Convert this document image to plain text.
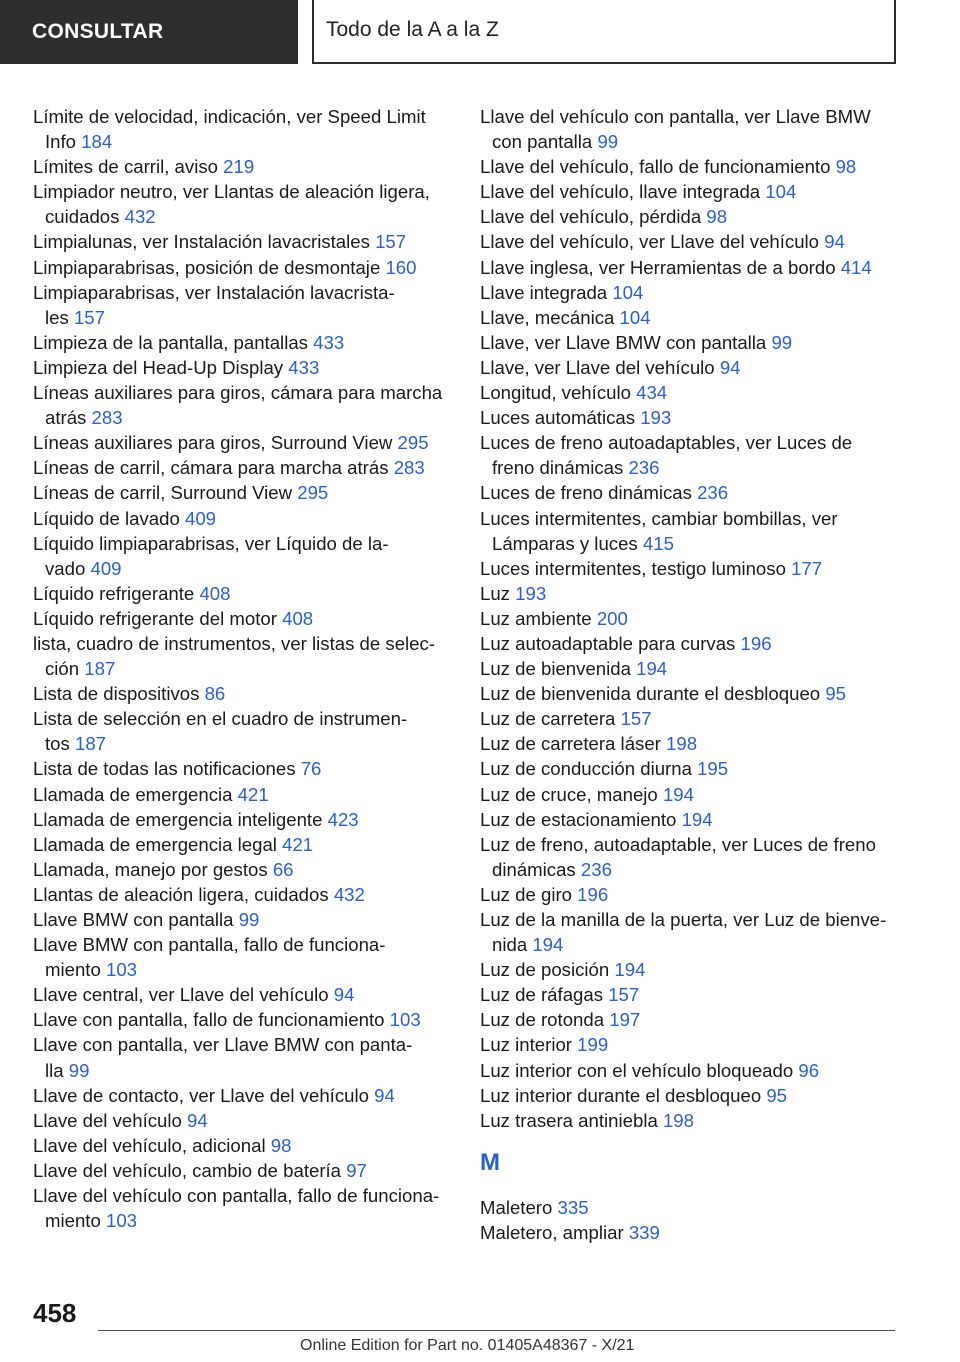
CONSULTAR	Todo de la A a la Z

Límite de velocidad, indicación, ver Speed Limit
Info 184

Límites de carril, aviso 219

Limpiador neutro, ver Llantas de aleación ligera,
cuidados 432

Limpialunas, ver Instalación lavacristales 157

Limpiaparabrisas, posición de desmontaje 160

Limpiaparabrisas, ver Instalación lavacrista-
les 157

Limpieza de la pantalla, pantallas 433

Limpieza del Head-Up Display 433

Líneas auxiliares para giros, cámara para marcha
atrás 283

Líneas auxiliares para giros, Surround View 295

Líneas de carril, cámara para marcha atrás 283

Líneas de carril, Surround View 295

Líquido de lavado 409

Líquido limpiaparabrisas, ver Líquido de la-
vado 409

Líquido refrigerante 408

Líquido refrigerante del motor 408

lista, cuadro de instrumentos, ver listas de selec-
ción 187

Lista de dispositivos 86

Lista de selección en el cuadro de instrumen-
tos 187

Lista de todas las notificaciones 76

Llamada de emergencia 421

Llamada de emergencia inteligente 423

Llamada de emergencia legal 421

Llamada, manejo por gestos 66

Llantas de aleación ligera, cuidados 432

Llave BMW con pantalla 99

Llave BMW con pantalla, fallo de funciona-
miento 103

Llave central, ver Llave del vehículo 94

Llave con pantalla, fallo de funcionamiento 103

Llave con pantalla, ver Llave BMW con panta-
lla 99

Llave de contacto, ver Llave del vehículo 94

Llave del vehículo 94

Llave del vehículo, adicional 98

Llave del vehículo, cambio de batería 97

Llave del vehículo con pantalla, fallo de funciona-
miento 103

Llave del vehículo con pantalla, ver Llave BMW
con pantalla 99

Llave del vehículo, fallo de funcionamiento 98

Llave del vehículo, llave integrada 104

Llave del vehículo, pérdida 98

Llave del vehículo, ver Llave del vehículo 94

Llave inglesa, ver Herramientas de a bordo 414

Llave integrada 104

Llave, mecánica 104

Llave, ver Llave BMW con pantalla 99

Llave, ver Llave del vehículo 94

Longitud, vehículo 434

Luces automáticas 193

Luces de freno autoadaptables, ver Luces de
freno dinámicas 236

Luces de freno dinámicas 236

Luces intermitentes, cambiar bombillas, ver
Lámparas y luces 415

Luces intermitentes, testigo luminoso 177

Luz 193

Luz ambiente 200

Luz autoadaptable para curvas 196

Luz de bienvenida 194

Luz de bienvenida durante el desbloqueo 95

Luz de carretera 157

Luz de carretera láser 198

Luz de conducción diurna 195

Luz de cruce, manejo 194

Luz de estacionamiento 194

Luz de freno, autoadaptable, ver Luces de freno
dinámicas 236

Luz de giro 196

Luz de la manilla de la puerta, ver Luz de bienve-
nida 194

Luz de posición 194

Luz de ráfagas 157

Luz de rotonda 197

Luz interior 199

Luz interior con el vehículo bloqueado 96

Luz interior durante el desbloqueo 95

Luz trasera antiniebla 198

M

Maletero 335

Maletero, ampliar 339

458
Online Edition for Part no. 01405A48367 - X/21
